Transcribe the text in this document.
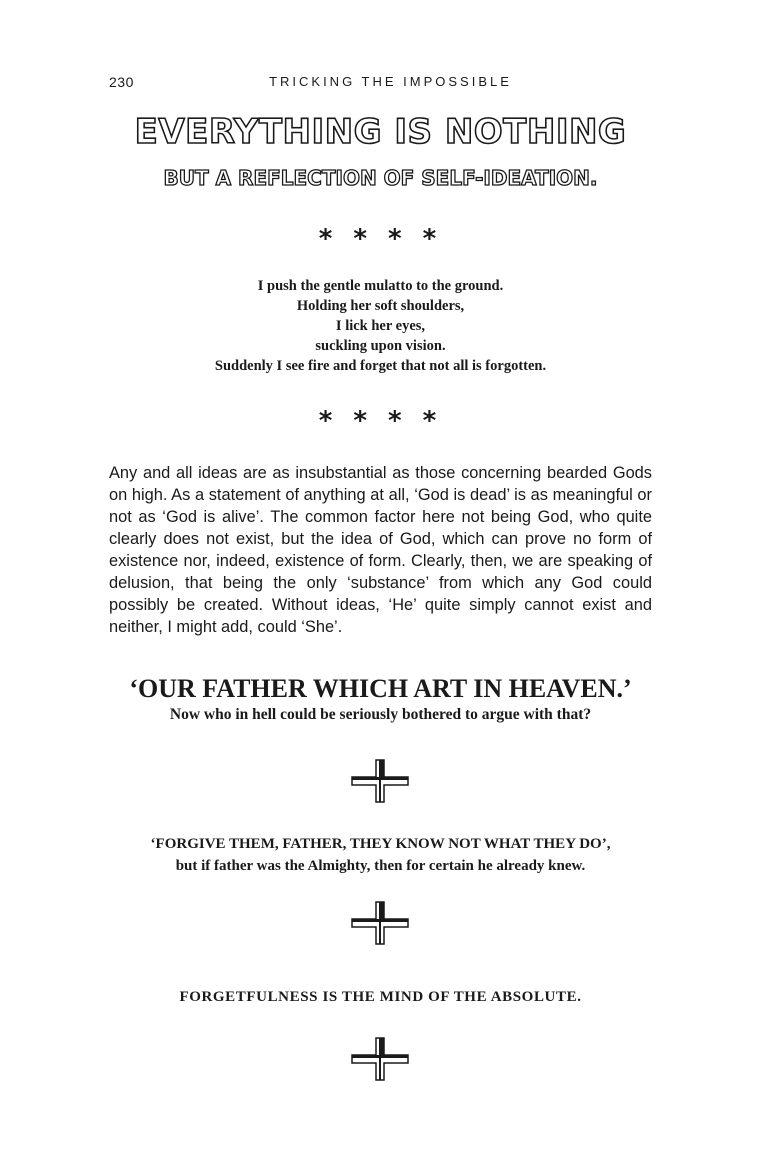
230	TRICKING THE IMPOSSIBLE
EVERYTHING IS NOTHING
BUT A REFLECTION OF SELF-IDEATION.
* * * *
I push the gentle mulatto to the ground.
Holding her soft shoulders,
I lick her eyes,
suckling upon vision.
Suddenly I see fire and forget that not all is forgotten.
* * * *
Any and all ideas are as insubstantial as those concerning bearded Gods on high. As a statement of anything at all, ‘God is dead’ is as meaningful or not as ‘God is alive’. The common factor here not being God, who quite clearly does not exist, but the idea of God, which can prove no form of existence nor, indeed, existence of form. Clearly, then, we are speaking of delusion, that being the only ‘substance’ from which any God could possibly be created. Without ideas, ‘He’ quite simply cannot exist and neither, I might add, could ‘She’.
‘OUR FATHER WHICH ART IN HEAVEN.’
Now who in hell could be seriously bothered to argue with that?
‘FORGIVE THEM, FATHER, THEY KNOW NOT WHAT THEY DO’,
but if father was the Almighty, then for certain he already knew.
FORGETFULNESS IS THE MIND OF THE ABSOLUTE.
